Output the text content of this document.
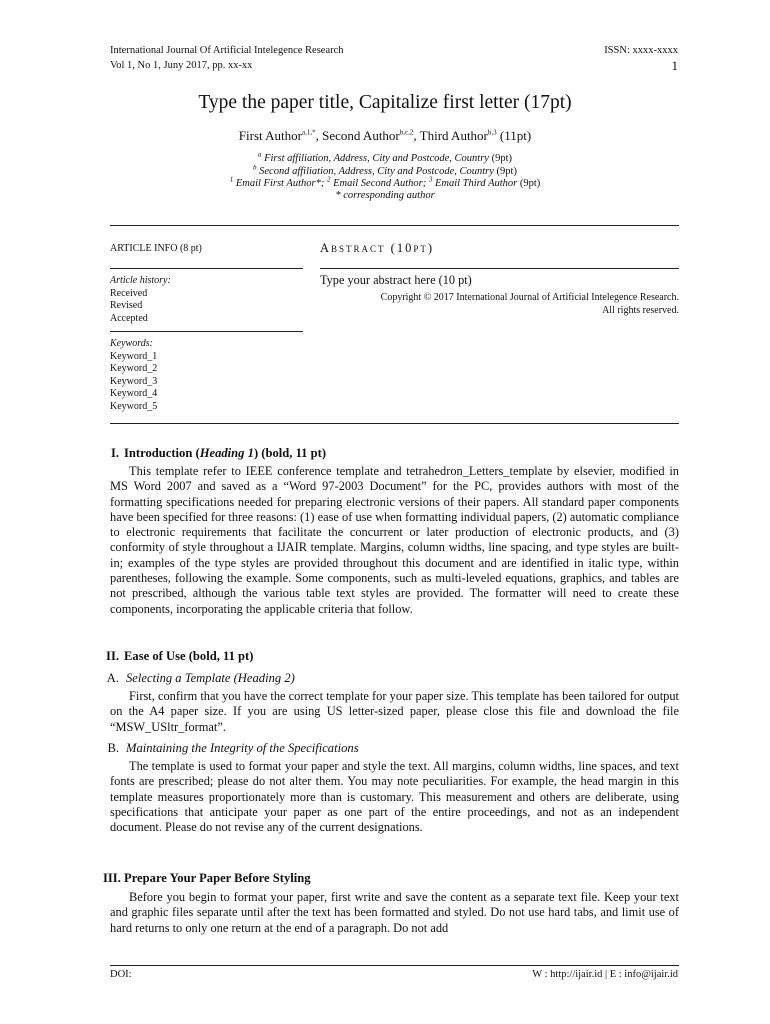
International Journal Of Artificial Intelegence Research
Vol 1, No 1, Juny 2017, pp. xx-xx
ISSN: xxxx-xxxx
1
Type the paper title, Capitalize first letter (17pt)
First Author$^{a,1,*}$, Second Author$^{b,c,2}$, Third Author$^{b,3}$ (11pt)
$^a$ First affiliation, Address, City and Postcode, Country (9pt)
$^b$ Second affiliation, Address, City and Postcode, Country (9pt)
$^1$ Email First Author*; $^2$ Email Second Author; $^3$ Email Third Author (9pt)
* corresponding author
ARTICLE INFO (8 pt)	ABSTRACT (10PT)
Article history:
Received
Revised
Accepted
Keywords:
Keyword_1
Keyword_2
Keyword_3
Keyword_4
Keyword_5
Type your abstract here (10 pt)
Copyright © 2017 International Journal of Artificial Intelegence Research.
All rights reserved.
I. Introduction (Heading 1) (bold, 11 pt)

This template refer to IEEE conference template and tetrahedron_Letters_template by elsevier, modified in MS Word 2007 and saved as a “Word 97-2003 Document” for the PC, provides authors with most of the formatting specifications needed for preparing electronic versions of their papers. All standard paper components have been specified for three reasons: (1) ease of use when formatting individual papers, (2) automatic compliance to electronic requirements that facilitate the concurrent or later production of electronic products, and (3) conformity of style throughout a IJAIR template. Margins, column widths, line spacing, and type styles are built-in; examples of the type styles are provided throughout this document and are identified in italic type, within parentheses, following the example. Some components, such as multi-leveled equations, graphics, and tables are not prescribed, although the various table text styles are provided. The formatter will need to create these components, incorporating the applicable criteria that follow.

II. Ease of Use (bold, 11 pt)
A. Selecting a Template (Heading 2)

First, confirm that you have the correct template for your paper size. This template has been tailored for output on the A4 paper size. If you are using US letter-sized paper, please close this file and download the file “MSW_USltr_format”.

B. Maintaining the Integrity of the Specifications

The template is used to format your paper and style the text. All margins, column widths, line spaces, and text fonts are prescribed; please do not alter them. You may note peculiarities. For example, the head margin in this template measures proportionately more than is customary. This measurement and others are deliberate, using specifications that anticipate your paper as one part of the entire proceedings, and not as an independent document. Please do not revise any of the current designations.

III. Prepare Your Paper Before Styling

Before you begin to format your paper, first write and save the content as a separate text file. Keep your text and graphic files separate until after the text has been formatted and styled. Do not use hard tabs, and limit use of hard returns to only one return at the end of a paragraph. Do not add

DOI:	W : http://ijair.id | E : info@ijair.id
